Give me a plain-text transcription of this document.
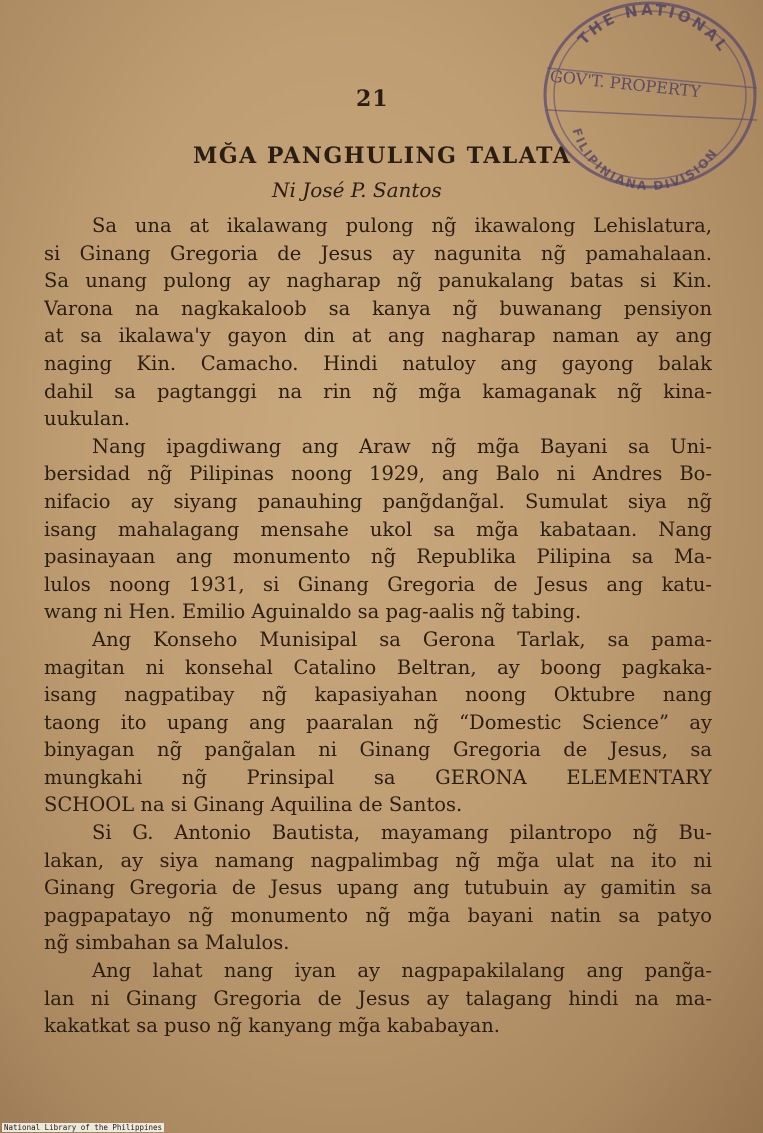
21
MĞA PANGHULING TALATA
Ni José P. Santos
Sa una at ikalawang pulong ng̃ ikawalong Lehislatura,
si Ginang Gregoria de Jesus ay nagunita ng̃ pamahalaan.
Sa unang pulong ay nagharap ng̃ panukalang batas si Kin.
Varona na nagkakaloob sa kanya ng̃ buwanang pensiyon
at sa ikalawa'y gayon din at ang nagharap naman ay ang
naging Kin. Camacho. Hindi natuloy ang gayong balak
dahil sa pagtanggi na rin ng̃ mg̃a kamaganak ng̃ kina-
uukulan.
Nang ipagdiwang ang Araw ng̃ mg̃a Bayani sa Uni-
bersidad ng̃ Pilipinas noong 1929, ang Balo ni Andres Bo-
nifacio ay siyang panauhing pang̃dang̃al. Sumulat siya ng̃
isang mahalagang mensahe ukol sa mg̃a kabataan. Nang
pasinayaan ang monumento ng̃ Republika Pilipina sa Ma-
lulos noong 1931, si Ginang Gregoria de Jesus ang katu-
wang ni Hen. Emilio Aguinaldo sa pag-aalis ng̃ tabing.
Ang Konseho Munisipal sa Gerona Tarlak, sa pama-
magitan ni konsehal Catalino Beltran, ay boong pagkaka-
isang nagpatibay ng̃ kapasiyahan noong Oktubre nang
taong ito upang ang paaralan ng̃ “Domestic Science” ay
binyagan ng̃ pang̃alan ni Ginang Gregoria de Jesus, sa
mungkahi ng̃ Prinsipal sa GERONA ELEMENTARY
SCHOOL na si Ginang Aquilina de Santos.
Si G. Antonio Bautista, mayamang pilantropo ng̃ Bu-
lakan, ay siya namang nagpalimbag ng̃ mg̃a ulat na ito ni
Ginang Gregoria de Jesus upang ang tutubuin ay gamitin sa
pagpapatayo ng̃ monumento ng̃ mg̃a bayani natin sa patyo
ng̃ simbahan sa Malulos.
Ang lahat nang iyan ay nagpapakilalang ang pang̃a-
lan ni Ginang Gregoria de Jesus ay talagang hindi na ma-
kakatkat sa puso ng̃ kanyang mg̃a kababayan.
THE NATIONAL
GOV'T. PROPERTY
FILIPINIANA DIVISION
National Library of the Philippines
